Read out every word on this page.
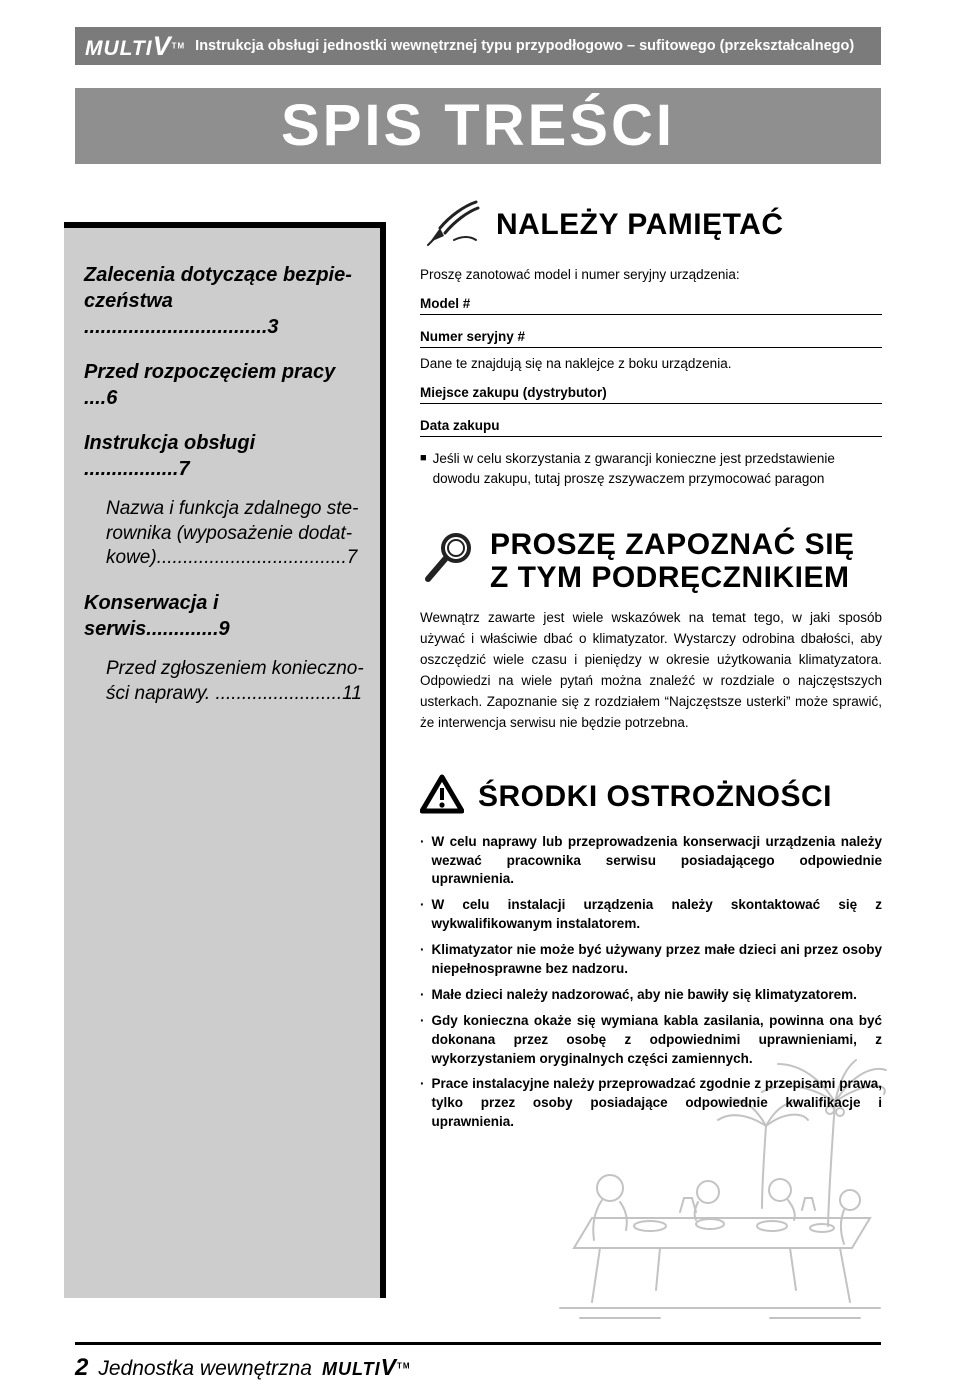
MULTIV™ Instrukcja obsługi jednostki wewnętrznej typu przypodłogowo – sufitowego (przekształcalnego)
SPIS TREŚCI
Zalecenia dotyczące bezpie-czeństwa .................................3
Przed rozpoczęciem pracy ....6
Instrukcja obsługi .................7
Nazwa i funkcja zdalnego ste-rownika (wyposażenie dodat-kowe)....................................7
Konserwacja i serwis.............9
Przed zgłoszeniem konieczno-ści naprawy. ........................11
NALEŻY PAMIĘTAĆ

Proszę zanotować model i numer seryjny urządzenia:

Model #
Numer seryjny #

Dane te znajdują się na naklejce z boku urządzenia.

Miejsce zakupu (dystrybutor)
Data zakupu
■ Jeśli w celu skorzystania z gwarancji konieczne jest przedstawienie dowodu zakupu, tutaj proszę zszywaczem przymocować paragon
PROSZĘ ZAPOZNAĆ SIĘ
Z TYM PODRĘCZNIKIEM

Wewnątrz zawarte jest wiele wskazówek na temat tego, w jaki sposób używać i właściwie dbać o klimatyzator. Wystarczy odrobina dbałości, aby oszczędzić wiele czasu i pieniędzy w okresie użytkowania klimatyzatora. Odpowiedzi na wiele pytań można znaleźć w rozdziale o najczęstszych usterkach. Zapoznanie się z rozdziałem “Najczęstsze usterki” może sprawić, że interwencja serwisu nie będzie potrzebna.

ŚRODKI OSTROŻNOŚCI
· W celu naprawy lub przeprowadzenia konserwacji urządzenia należy wezwać pracownika serwisu posiadającego odpowiednie uprawnienia.
· W celu instalacji urządzenia należy skontaktować się z wykwalifikowanym instalatorem.
· Klimatyzator nie może być używany przez małe dzieci ani przez osoby niepełnosprawne bez nadzoru.
· Małe dzieci należy nadzorować, aby nie bawiły się klimatyzatorem.
· Gdy konieczna okaże się wymiana kabla zasilania, powinna ona być dokonana przez osobę z odpowiednimi uprawnieniami, z wykorzystaniem oryginalnych części zamiennych.
· Prace instalacyjne należy przeprowadzać zgodnie z przepisami prawa, tylko przez osoby posiadające odpowiednie kwalifikacje i uprawnienia.
2 Jednostka wewnętrzna MULTIV™
